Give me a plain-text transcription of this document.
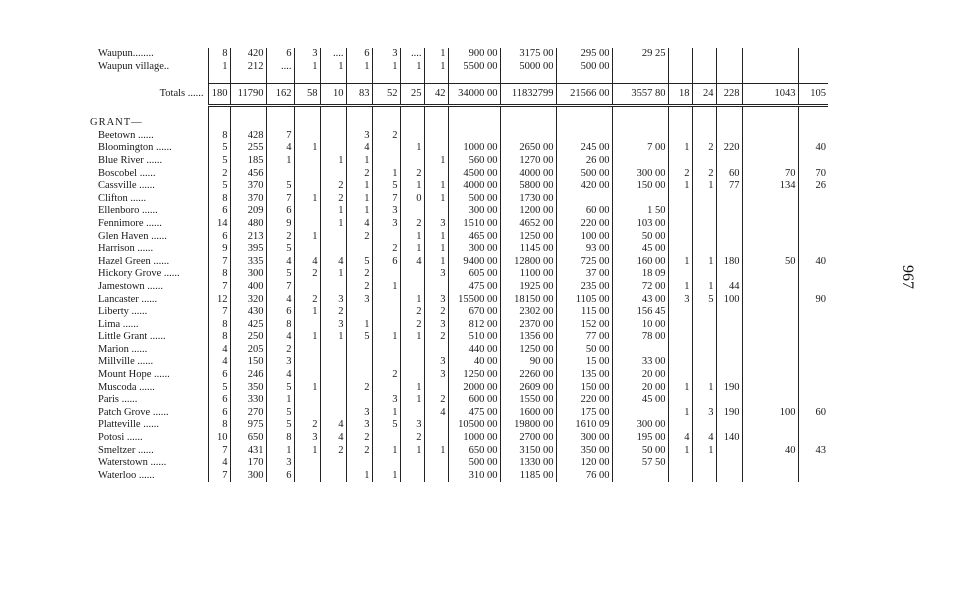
Waupun........	8	420	6	3	....	6	3	....	1	900 00	3175 00	295 00	29 25					
Waupun village..	1	212	....	1	1	1	1	1	1	5500 00	5000 00	500 00						

Totals ......	180	11790	162	58	10	83	52	25	42	34000 00	11832799	21566 00	3557 80	18	24	228	1043	105

GRANT—																		
Beetown ......	8	428	7			3	2											
Bloomington ......	5	255	4	1		4		1		1000 00	2650 00	245 00	7 00	1	2	220		40
Blue River ......	5	185	1		1	1			1	560 00	1270 00	26 00						
Boscobel ......	2	456				2	1	2		4500 00	4000 00	500 00	300 00	2	2	60	70	70
Cassville ......	5	370	5		2	1	5	1	1	4000 00	5800 00	420 00	150 00	1	1	77	134	26
Clifton ......	8	370	7	1	2	1	7	0	1	500 00	1730 00							
Ellenboro ......	6	209	6		1	1	3			300 00	1200 00	60 00	1 50					
Fennimore ......	14	480	9		1	4	3	2	3	1510 00	4652 00	220 00	103 00					
Glen Haven ......	6	213	2	1		2		1	1	465 00	1250 00	100 00	50 00					
Harrison ......	9	395	5				2	1	1	300 00	1145 00	93 00	45 00					
Hazel Green ......	7	335	4	4	4	5	6	4	1	9400 00	12800 00	725 00	160 00	1	1	180	50	40
Hickory Grove ......	8	300	5	2	1	2			3	605 00	1100 00	37 00	18 09					
Jamestown ......	7	400	7			2	1			475 00	1925 00	235 00	72 00	1	1	44		
Lancaster ......	12	320	4	2	3	3		1	3	15500 00	18150 00	1105 00	43 00	3	5	100		90
Liberty ......	7	430	6	1	2			2	2	670 00	2302 00	115 00	156 45					
Lima ......	8	425	8		3	1		2	3	812 00	2370 00	152 00	10 00					
Little Grant ......	8	250	4	1	1	5	1	1	2	510 00	1356 00	77 00	78 00					
Marion ......	4	205	2							440 00	1250 00	50 00						
Millville ......	4	150	3						3	40 00	90 00	15 00	33 00					
Mount Hope ......	6	246	4				2		3	1250 00	2260 00	135 00	20 00					
Muscoda ......	5	350	5	1		2		1		2000 00	2609 00	150 00	20 00	1	1	190		
Paris ......	6	330	1				3	1	2	600 00	1550 00	220 00	45 00					
Patch Grove ......	6	270	5			3	1		4	475 00	1600 00	175 00		1	3	190	100	60
Platteville ......	8	975	5	2	4	3	5	3		10500 00	19800 00	1610 09	300 00					
Potosi ......	10	650	8	3	4	2		2		1000 00	2700 00	300 00	195 00	4	4	140		
Smeltzer ......	7	431	1	1	2	2	1	1	1	650 00	3150 00	350 00	50 00	1	1		40	43
Waterstown ......	4	170	3							500 00	1330 00	120 00	57 50					
Waterloo ......	7	300	6			1	1			310 00	1185 00	76 00						
967
